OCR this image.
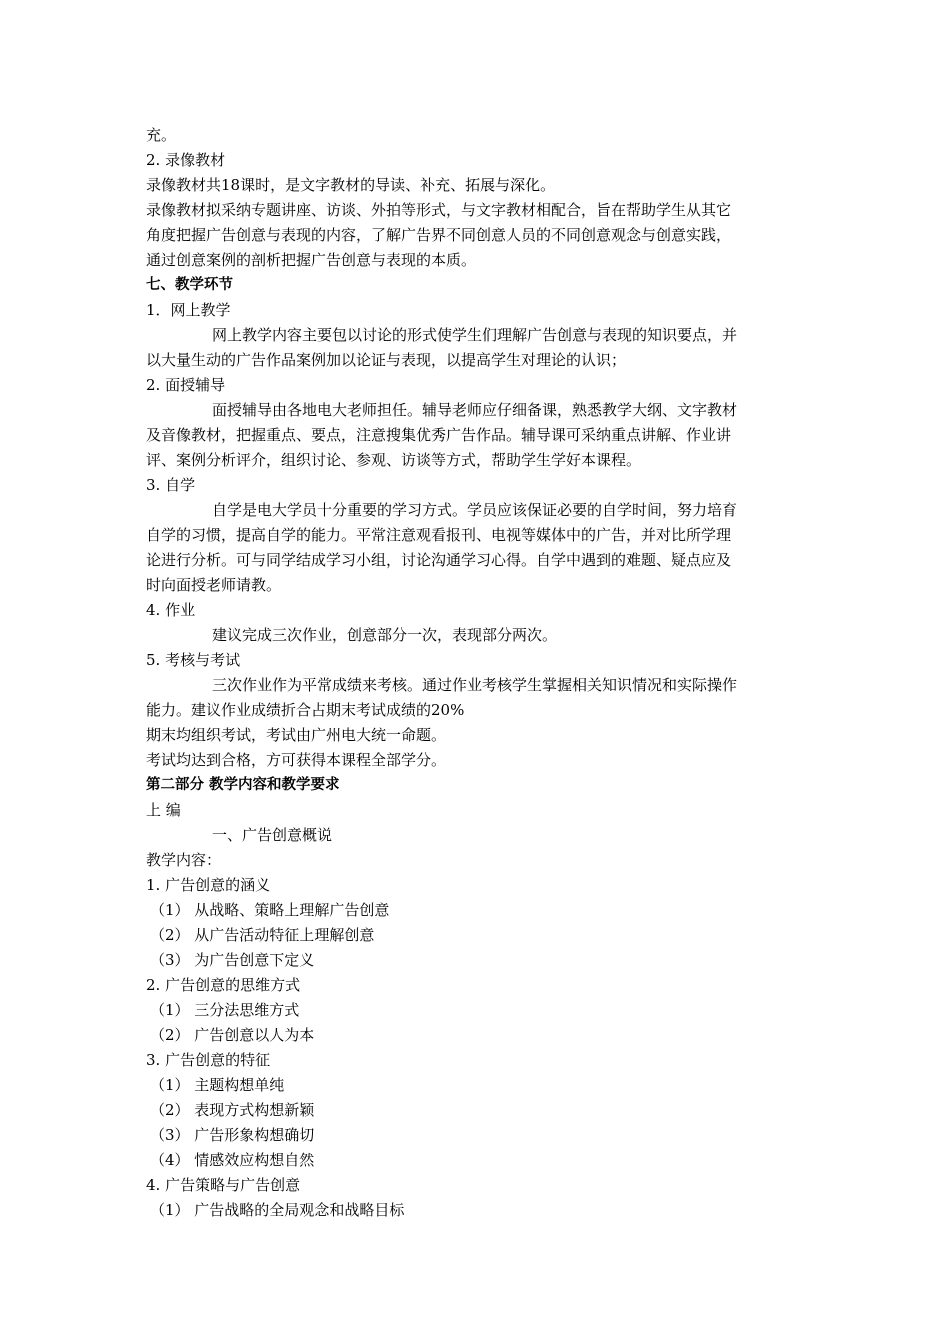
充。
2. 录像教材
录像教材共18课时，是文字教材的导读、补充、拓展与深化。
录像教材拟采纳专题讲座、访谈、外拍等形式，与文字教材相配合，旨在帮助学生从其它
角度把握广告创意与表现的内容，了解广告界不同创意人员的不同创意观念与创意实践，
通过创意案例的剖析把握广告创意与表现的本质。
七、教学环节
1．网上教学
网上教学内容主要包以讨论的形式使学生们理解广告创意与表现的知识要点，并
以大量生动的广告作品案例加以论证与表现，以提高学生对理论的认识；
2. 面授辅导
面授辅导由各地电大老师担任。辅导老师应仔细备课，熟悉教学大纲、文字教材
及音像教材，把握重点、要点，注意搜集优秀广告作品。辅导课可采纳重点讲解、作业讲
评、案例分析评介，组织讨论、参观、访谈等方式，帮助学生学好本课程。
3. 自学
自学是电大学员十分重要的学习方式。学员应该保证必要的自学时间，努力培育
自学的习惯，提高自学的能力。平常注意观看报刊、电视等媒体中的广告，并对比所学理
论进行分析。可与同学结成学习小组，讨论沟通学习心得。自学中遇到的难题、疑点应及
时向面授老师请教。
4. 作业
建议完成三次作业，创意部分一次，表现部分两次。
5. 考核与考试
三次作业作为平常成绩来考核。通过作业考核学生掌握相关知识情况和实际操作
能力。建议作业成绩折合占期末考试成绩的20%
期末均组织考试，考试由广州电大统一命题。
考试均达到合格，方可获得本课程全部学分。
第二部分 教学内容和教学要求
上 编
一、广告创意概说
教学内容：
1. 广告创意的涵义
（1） 从战略、策略上理解广告创意
（2） 从广告活动特征上理解创意
（3） 为广告创意下定义
2. 广告创意的思维方式
（1） 三分法思维方式
（2） 广告创意以人为本
3. 广告创意的特征
（1） 主题构想单纯
（2） 表现方式构想新颖
（3） 广告形象构想确切
（4） 情感效应构想自然
4. 广告策略与广告创意
（1） 广告战略的全局观念和战略目标
